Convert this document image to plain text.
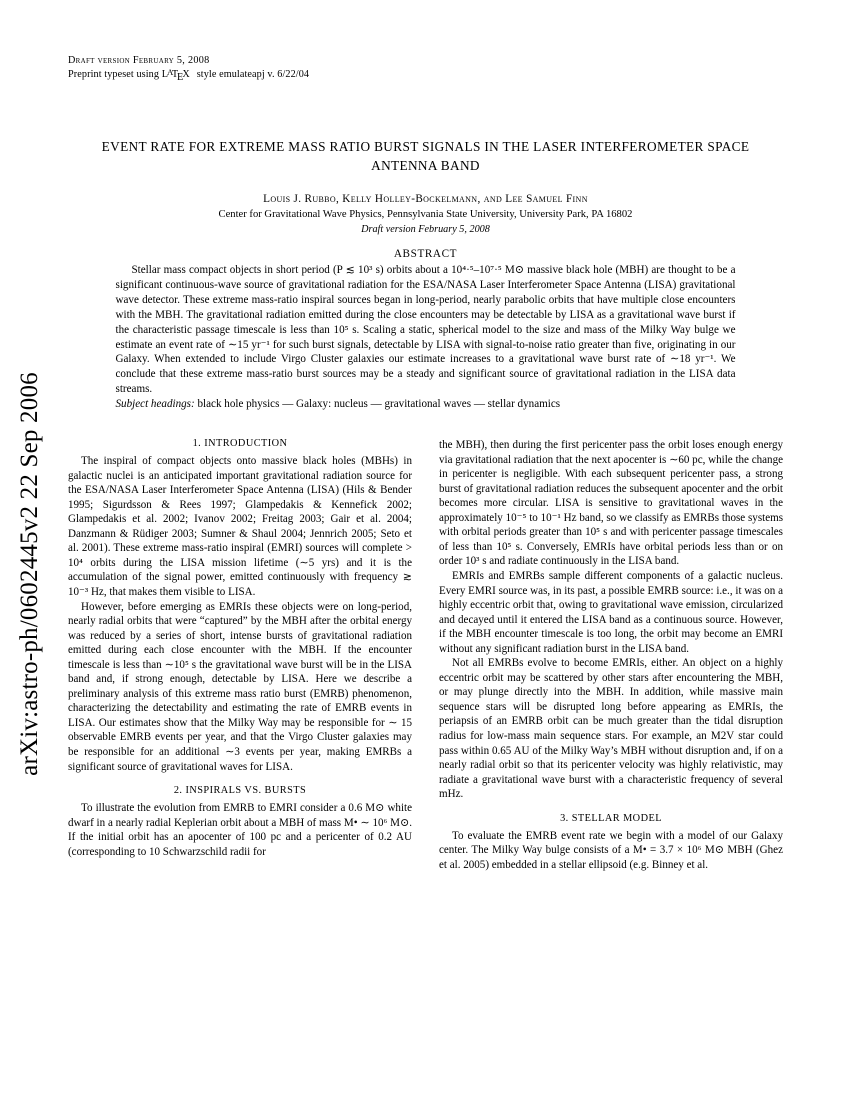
arXiv:astro-ph/0602445v2 22 Sep 2006
Draft version February 5, 2008
Preprint typeset using $L^ATEX$ style emulateapj v. 6/22/04
EVENT RATE FOR EXTREME MASS RATIO BURST SIGNALS IN THE LASER INTERFEROMETER SPACE ANTENNA BAND
Louis J. Rubbo, Kelly Holley-Bockelmann, and Lee Samuel Finn
Center for Gravitational Wave Physics, Pennsylvania State University, University Park, PA 16802
Draft version February 5, 2008
ABSTRACT
Stellar mass compact objects in short period (P ≲ 10³ s) orbits about a 10⁴·⁵–10⁷·⁵ M⊙ massive black hole (MBH) are thought to be a significant continuous-wave source of gravitational radiation for the ESA/NASA Laser Interferometer Space Antenna (LISA) gravitational wave detector. These extreme mass-ratio inspiral sources began in long-period, nearly parabolic orbits that have multiple close encounters with the MBH. The gravitational radiation emitted during the close encounters may be detectable by LISA as a gravitational wave burst if the characteristic passage timescale is less than 10⁵ s. Scaling a static, spherical model to the size and mass of the Milky Way bulge we estimate an event rate of ∼15 yr⁻¹ for such burst signals, detectable by LISA with signal-to-noise ratio greater than five, originating in our Galaxy. When extended to include Virgo Cluster galaxies our estimate increases to a gravitational wave burst rate of ∼18 yr⁻¹. We conclude that these extreme mass-ratio burst sources may be a steady and significant source of gravitational radiation in the LISA data streams.
Subject headings: black hole physics — Galaxy: nucleus — gravitational waves — stellar dynamics
1. INTRODUCTION

The inspiral of compact objects onto massive black holes (MBHs) in galactic nuclei is an anticipated important gravitational radiation source for the ESA/NASA Laser Interferometer Space Antenna (LISA) (Hils & Bender 1995; Sigurdsson & Rees 1997; Glampedakis & Kennefick 2002; Glampedakis et al. 2002; Ivanov 2002; Freitag 2003; Gair et al. 2004; Danzmann & Rüdiger 2003; Sumner & Shaul 2004; Jennrich 2005; Seto et al. 2001). These extreme mass-ratio inspiral (EMRI) sources will complete > 10⁴ orbits during the LISA mission lifetime (∼5 yrs) and it is the accumulation of the signal power, emitted continuously with frequency ≳ 10⁻³ Hz, that makes them visible to LISA.

However, before emerging as EMRIs these objects were on long-period, nearly radial orbits that were “captured” by the MBH after the orbital energy was reduced by a series of short, intense bursts of gravitational radiation emitted during each close encounter with the MBH. If the encounter timescale is less than ∼10⁵ s the gravitational wave burst will be in the LISA band and, if strong enough, detectable by LISA. Here we describe a preliminary analysis of this extreme mass ratio burst (EMRB) phenomenon, characterizing the detectability and estimating the rate of EMRB events in LISA. Our estimates show that the Milky Way may be responsible for ∼ 15 observable EMRB events per year, and that the Virgo Cluster galaxies may be responsible for an additional ∼3 events per year, making EMRBs a significant source of gravitational waves for LISA.

2. INSPIRALS VS. BURSTS

To illustrate the evolution from EMRB to EMRI consider a 0.6 M⊙ white dwarf in a nearly radial Keplerian orbit about a MBH of mass M• ∼ 10⁶ M⊙. If the initial orbit has an apocenter of 100 pc and a pericenter of 0.2 AU (corresponding to 10 Schwarzschild radii for

the MBH), then during the first pericenter pass the orbit loses enough energy via gravitational radiation that the next apocenter is ∼60 pc, while the change in pericenter is negligible. With each subsequent pericenter pass, a strong burst of gravitational radiation reduces the subsequent apocenter and the orbit becomes more circular. LISA is sensitive to gravitational waves in the approximately 10⁻⁵ to 10⁻¹ Hz band, so we classify as EMRBs those systems with orbital periods greater than 10⁵ s and with pericenter passage timescales of less than 10⁵ s. Conversely, EMRIs have orbital periods less than or on order 10³ s and radiate continuously in the LISA band.

EMRIs and EMRBs sample different components of a galactic nucleus. Every EMRI source was, in its past, a possible EMRB source: i.e., it was on a highly eccentric orbit that, owing to gravitational wave emission, circularized and decayed until it entered the LISA band as a continuous source. However, if the MBH encounter timescale is too long, the orbit may become an EMRI without any significant radiation burst in the LISA band.

Not all EMRBs evolve to become EMRIs, either. An object on a highly eccentric orbit may be scattered by other stars after encountering the MBH, or may plunge directly into the MBH. In addition, while massive main sequence stars will be disrupted long before appearing as EMRIs, the periapsis of an EMRB orbit can be much greater than the tidal disruption radius for low-mass main sequence stars. For example, an M2V star could pass within 0.65 AU of the Milky Way’s MBH without disruption and, if on a nearly radial orbit so that its pericenter velocity was highly relativistic, may radiate a gravitational wave burst with a characteristic frequency of several mHz.

3. STELLAR MODEL

To evaluate the EMRB event rate we begin with a model of our Galaxy center. The Milky Way bulge consists of a M• = 3.7 × 10⁶ M⊙ MBH (Ghez et al. 2005) embedded in a stellar ellipsoid (e.g. Binney et al.
